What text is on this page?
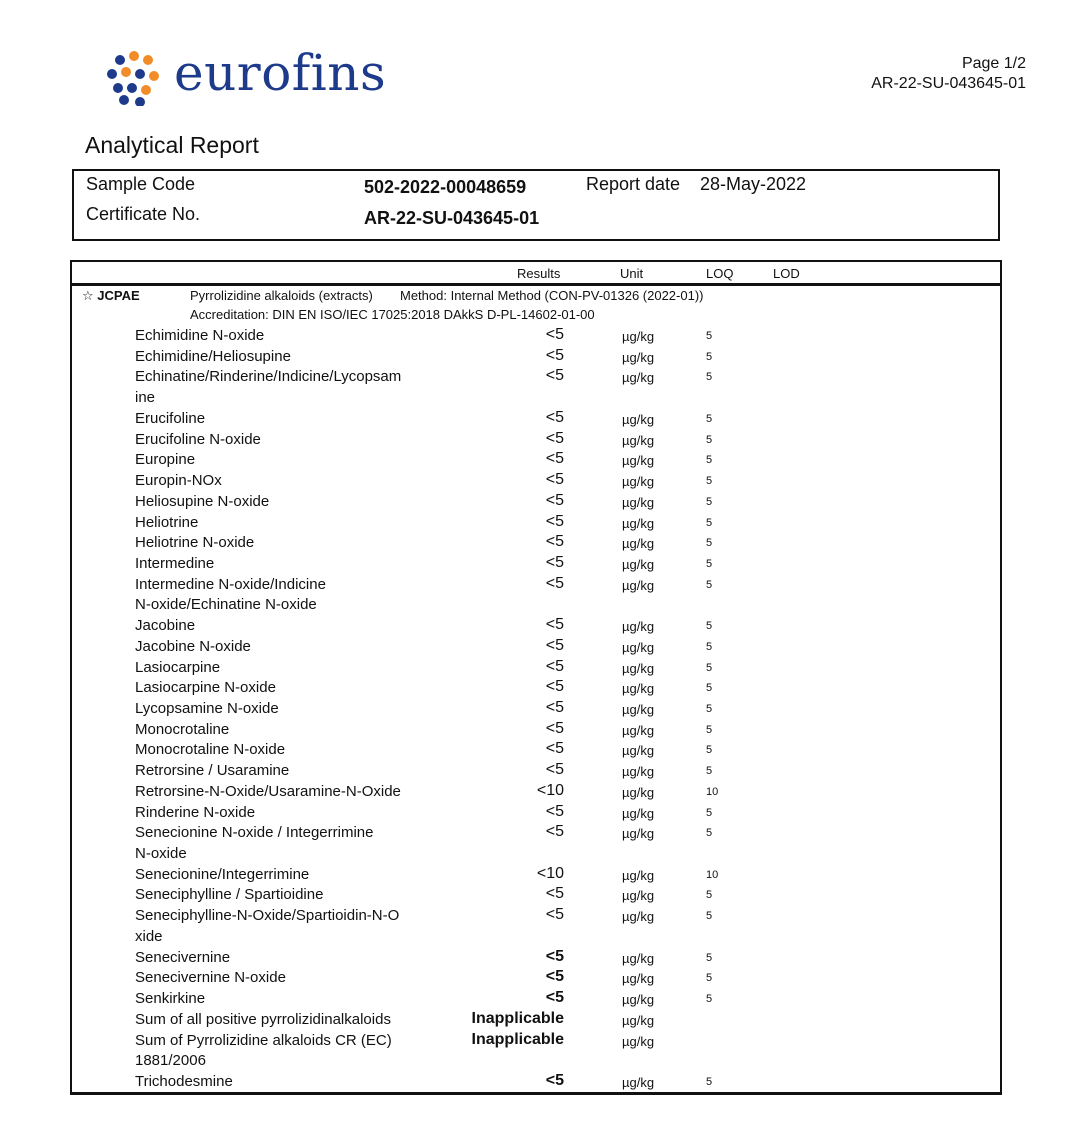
eurofins	Page 1/2
AR-22-SU-043645-01
Analytical Report
Sample Code	502-2022-00048659	Report date 28-May-2022
Certificate No.	AR-22-SU-043645-01
Results	Unit	LOQ	LOD
☆ JCPAE	Pyrrolizidine alkaloids (extracts) Method: Internal Method (CON-PV-01326 (2022-01))
Accreditation: DIN EN ISO/IEC 17025:2018 DAkkS D-PL-14602-01-00
Echimidine N-oxide	<5	µg/kg	5
Echimidine/Heliosupine	<5	µg/kg	5
Echinatine/Rinderine/Indicine/Lycopsam	<5	µg/kg	5
ine
Erucifoline	<5	µg/kg	5
Erucifoline N-oxide	<5	µg/kg	5
Europine	<5	µg/kg	5
Europin-NOx	<5	µg/kg	5
Heliosupine N-oxide	<5	µg/kg	5
Heliotrine	<5	µg/kg	5
Heliotrine N-oxide	<5	µg/kg	5
Intermedine	<5	µg/kg	5
Intermedine N-oxide/Indicine	<5	µg/kg	5
N-oxide/Echinatine N-oxide
Jacobine	<5	µg/kg	5
Jacobine N-oxide	<5	µg/kg	5
Lasiocarpine	<5	µg/kg	5
Lasiocarpine N-oxide	<5	µg/kg	5
Lycopsamine N-oxide	<5	µg/kg	5
Monocrotaline	<5	µg/kg	5
Monocrotaline N-oxide	<5	µg/kg	5
Retrorsine / Usaramine	<5	µg/kg	5
Retrorsine-N-Oxide/Usaramine-N-Oxide	<10	µg/kg	10
Rinderine N-oxide	<5	µg/kg	5
Senecionine N-oxide / Integerrimine	<5	µg/kg	5
N-oxide
Senecionine/Integerrimine	<10	µg/kg	10
Seneciphylline / Spartioidine	<5	µg/kg	5
Seneciphylline-N-Oxide/Spartioidin-N-O	<5	µg/kg	5
xide
Senecivernine	<5	µg/kg	5
Senecivernine N-oxide	<5	µg/kg	5
Senkirkine	<5	µg/kg	5
Sum of all positive pyrrolizidinalkaloids	Inapplicable	µg/kg
Sum of Pyrrolizidine alkaloids CR (EC)	Inapplicable	µg/kg
1881/2006
Trichodesmine	<5	µg/kg	5
